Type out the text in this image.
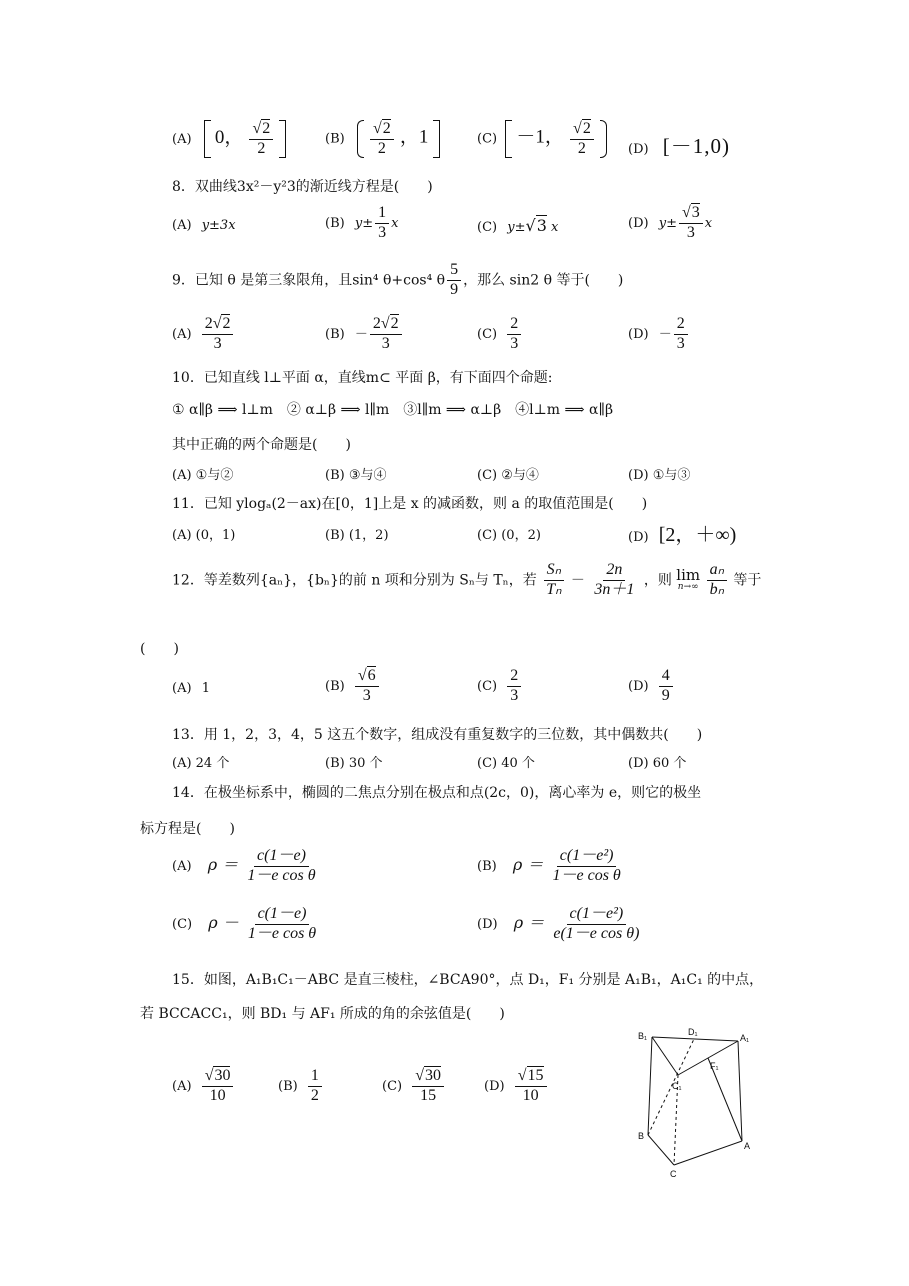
(A) 0， √ $\frac{2}{2}$
	(B) √ $\frac{2}{2}$ ，1	(C) －1， √ $\frac{2}{2}$
	(D) [－1,0)
8．双曲线3x²－y²3的渐近线方程是(　　)
(A) y±3x	(B) $y\pm \frac{1}{3}$ x	(C) y± √ 3 x	(D) y± √ $\frac{3}{3}$ x
9．已知 θ 是第三象限角，且sin⁴ θ+cos⁴ θ $\frac{5}{9}$ ，那么 sin2 θ 等于(　　)
$(A) \frac{2 √ 2}{3}$	$(B) - \frac{2 √ 2}{3}$	$(C) \frac{2}{3}$	$(D) - \frac{2}{3}$
10．已知直线 l⊥平面 α，直线m⊂ 平面 β，有下面四个命题:
① α∥β ⟹ l⊥m　② α⊥β ⟹ l∥m　③l∥m ⟹ α⊥β　④l⊥m ⟹ α∥β
其中正确的两个命题是(　　)
(A) ①与②	(B) ③与④	(C) ②与④	(D) ①与③
11．已知 ylogₐ(2－ax)在[0，1]上是 x 的减函数，则 a 的取值范围是(　　)
(A) (0，1)	(B) (1，2)	(C) (0，2)	(D) [2，＋∞)
12．等差数列{aₙ}，{bₙ}的前 n 项和分别为 Sₙ与 Tₙ，若 $\frac{\text{Sₙ}}{\text{Tₙ}} - \frac{2n}{3n+1}$ ，则 lim
n→∞
$\frac{\text{aₙ}}{\text{bₙ}}$ 等于
(　　)
(A) 1	(B) √ $\frac{6}{3}$	$(C) \frac{2}{3}$	$(D) \frac{4}{9}$
13．用 1，2，3，4，5 这五个数字，组成没有重复数字的三位数，其中偶数共(　　)
(A) 24 个	(B) 30 个	(C) 40 个	(D) 60 个
14．在极坐标系中，椭圆的二焦点分别在极点和点(2c，0)，离心率为 e，则它的极坐
标方程是(　　)
(A) $\rho = \frac{c(1-e)}{\text{1－e cos θ}}$	(B) $\rho = \frac{\text{c(1－e²)}}{\text{1－e cos θ}}$
(C) $\rho - \frac{c(1-e)}{\text{1－e cos θ}}$	(D) $\rho = \frac{\text{c(1－e²)}}{\text{e(1－e cos θ)}}$
15．如图，A₁B₁C₁－ABC 是直三棱柱，∠BCA90°，点 D₁，F₁ 分别是 A₁B₁，A₁C₁ 的中点，
若 BCCACC₁，则 BD₁ 与 AF₁ 所成的角的余弦值是(　　)
(A) √ $\frac{30}{10}$	$(B) \frac{1}{2}$	(C) √ $\frac{30}{15}$	(D) √ $\frac{15}{10}$
B₁	D₁
A₁
F₁
C₁
B
C
A
